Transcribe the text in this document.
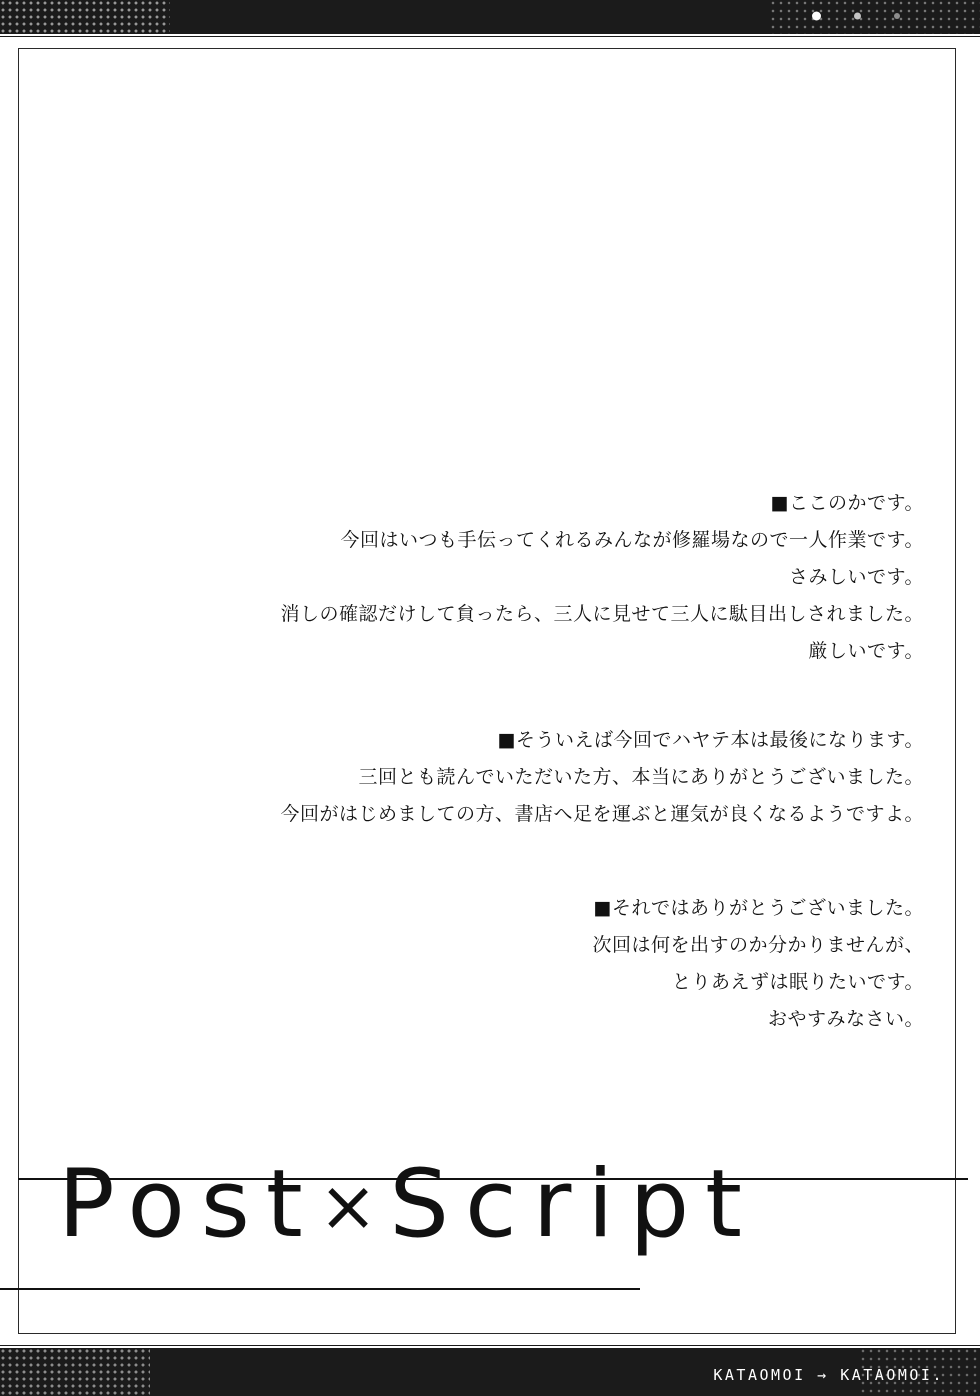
■ここのかです。

今回はいつも手伝ってくれるみんなが修羅場なので一人作業です。

さみしいです。

消しの確認だけして貟ったら、三人に見せて三人に駄目出しされました。

厳しいです。

■そういえば今回でハヤテ本は最後になります。

三回とも読んでいただいた方、本当にありがとうございました。

今回がはじめましての方、書店へ足を運ぶと運気が良くなるようですよ。

■それではありがとうございました。

次回は何を出すのか分かりませんが、

とりあえずは眠りたいです。

おやすみなさい。

Post×Script
KATAOMOI → KATAOMOI.
